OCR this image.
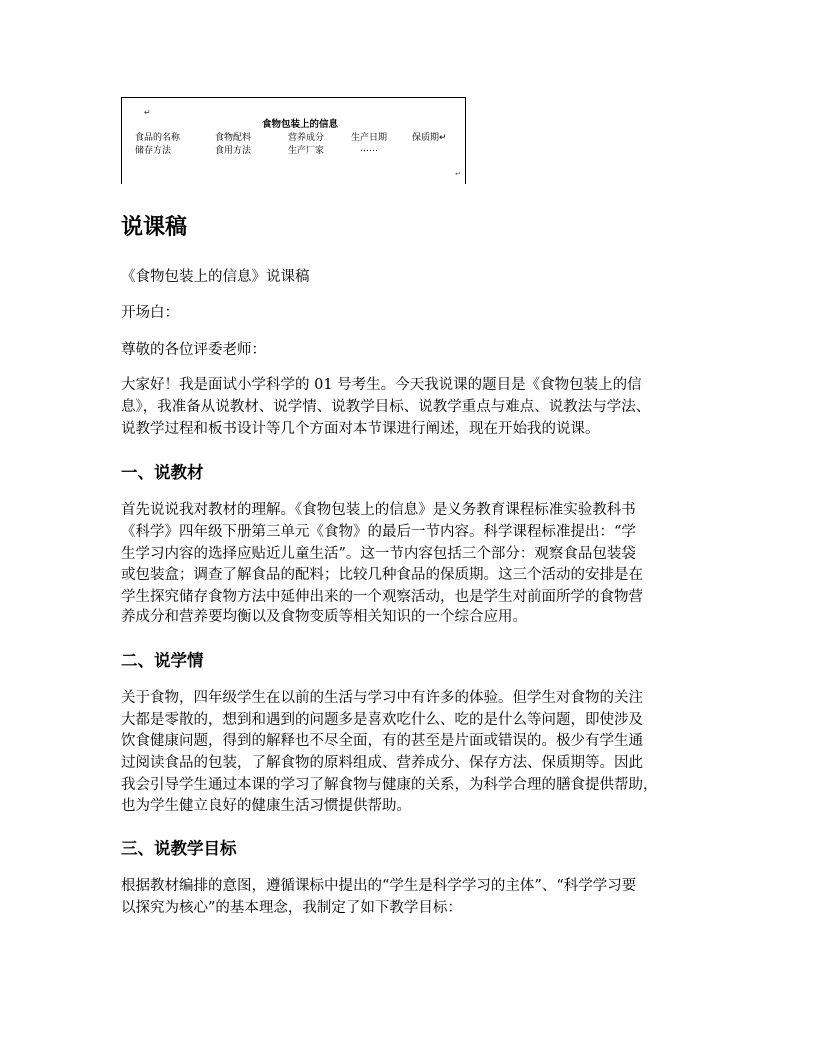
↵
食物包装上的信息
食品的名称	食物配料	营养成分	生产日期	保质期↵
储存方法	食用方法	生产厂家	……
↵
说课稿

《食物包装上的信息》说课稿

开场白：

尊敬的各位评委老师：

大家好！我是面试小学科学的 01 号考生。今天我说课的题目是《食物包装上的信

息》，我准备从说教材、说学情、说教学目标、说教学重点与难点、说教法与学法、

说教学过程和板书设计等几个方面对本节课进行阐述，现在开始我的说课。

一、说教材

首先说说我对教材的理解。《食物包装上的信息》是义务教育课程标准实验教科书

《科学》四年级下册第三单元《食物》的最后一节内容。科学课程标准提出：“学

生学习内容的选择应贴近儿童生活”。这一节内容包括三个部分：观察食品包装袋

或包装盒；调查了解食品的配料；比较几种食品的保质期。这三个活动的安排是在

学生探究储存食物方法中延伸出来的一个观察活动，也是学生对前面所学的食物营

养成分和营养要均衡以及食物变质等相关知识的一个综合应用。

二、说学情

关于食物，四年级学生在以前的生活与学习中有许多的体验。但学生对食物的关注

大都是零散的，想到和遇到的问题多是喜欢吃什么、吃的是什么等问题，即使涉及

饮食健康问题，得到的解释也不尽全面，有的甚至是片面或错误的。极少有学生通

过阅读食品的包装，了解食物的原料组成、营养成分、保存方法、保质期等。因此

我会引导学生通过本课的学习了解食物与健康的关系，为科学合理的膳食提供帮助，

也为学生健立良好的健康生活习惯提供帮助。

三、说教学目标

根据教材编排的意图，遵循课标中提出的“学生是科学学习的主体”、“科学学习要

以探究为核心”的基本理念，我制定了如下教学目标：
